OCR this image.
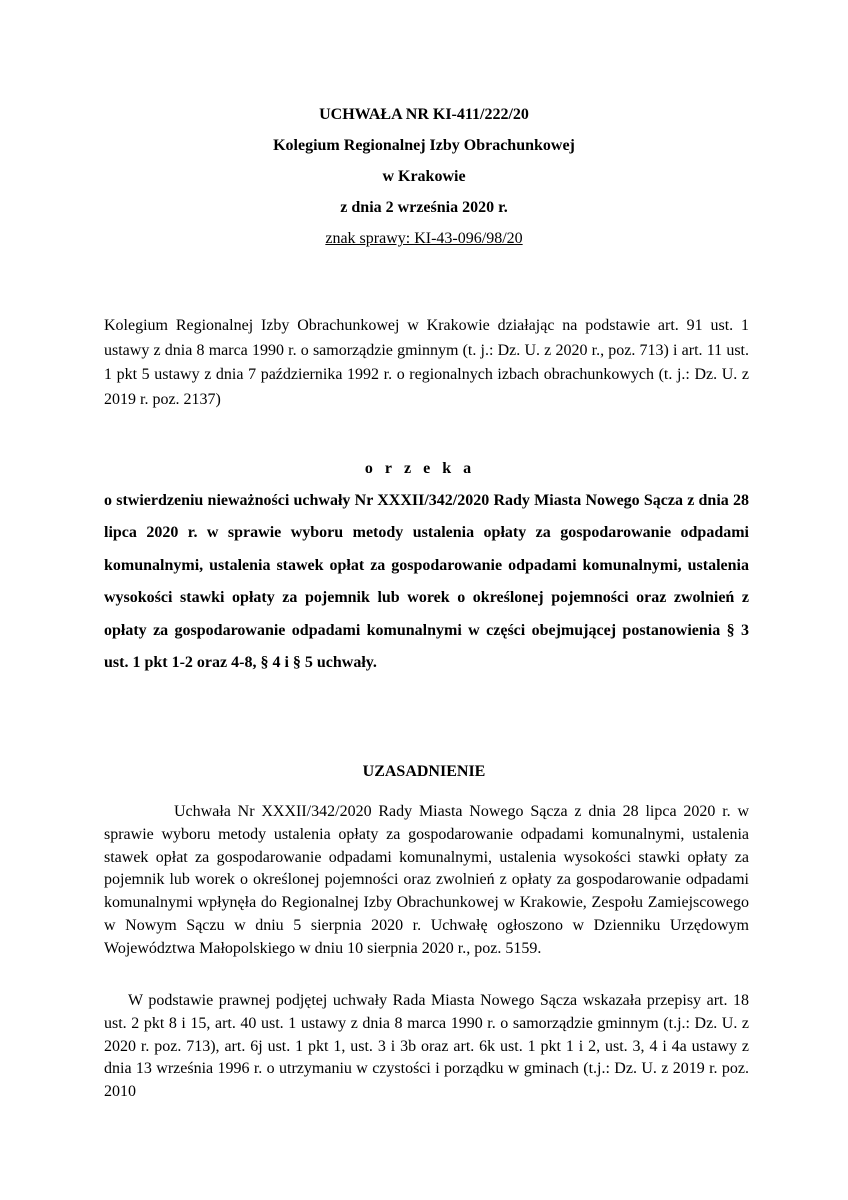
UCHWAŁA NR KI-411/222/20

Kolegium Regionalnej Izby Obrachunkowej

w Krakowie

z dnia 2 września 2020 r.

znak sprawy: KI-43-096/98/20

Kolegium Regionalnej Izby Obrachunkowej w Krakowie działając na podstawie art. 91 ust. 1 ustawy z dnia 8 marca 1990 r. o samorządzie gminnym (t. j.: Dz. U. z 2020 r., poz. 713) i art. 11 ust. 1 pkt 5 ustawy z dnia 7 października 1992 r. o regionalnych izbach obrachunkowych (t. j.: Dz. U. z 2019 r. poz. 2137)

orzeka

o stwierdzeniu nieważności uchwały Nr XXXII/342/2020 Rady Miasta Nowego Sącza z dnia 28 lipca 2020 r. w sprawie wyboru metody ustalenia opłaty za gospodarowanie odpadami komunalnymi, ustalenia stawek opłat za gospodarowanie odpadami komunalnymi, ustalenia wysokości stawki opłaty za pojemnik lub worek o określonej pojemności oraz zwolnień z opłaty za gospodarowanie odpadami komunalnymi w części obejmującej postanowienia § 3 ust. 1 pkt 1-2 oraz 4-8, § 4 i § 5 uchwały.

UZASADNIENIE

Uchwała Nr XXXII/342/2020 Rady Miasta Nowego Sącza z dnia 28 lipca 2020 r. w sprawie wyboru metody ustalenia opłaty za gospodarowanie odpadami komunalnymi, ustalenia stawek opłat za gospodarowanie odpadami komunalnymi, ustalenia wysokości stawki opłaty za pojemnik lub worek o określonej pojemności oraz zwolnień z opłaty za gospodarowanie odpadami komunalnymi wpłynęła do Regionalnej Izby Obrachunkowej w Krakowie, Zespołu Zamiejscowego w Nowym Sączu w dniu 5 sierpnia 2020 r. Uchwałę ogłoszono w Dzienniku Urzędowym Województwa Małopolskiego w dniu 10 sierpnia 2020 r., poz. 5159.

W podstawie prawnej podjętej uchwały Rada Miasta Nowego Sącza wskazała przepisy art. 18 ust. 2 pkt 8 i 15, art. 40 ust. 1 ustawy z dnia 8 marca 1990 r. o samorządzie gminnym (t.j.: Dz. U. z 2020 r. poz. 713), art. 6j ust. 1 pkt 1, ust. 3 i 3b oraz art. 6k ust. 1 pkt 1 i 2, ust. 3, 4 i 4a ustawy z dnia 13 września 1996 r. o utrzymaniu w czystości i porządku w gminach (t.j.: Dz. U. z 2019 r. poz. 2010
